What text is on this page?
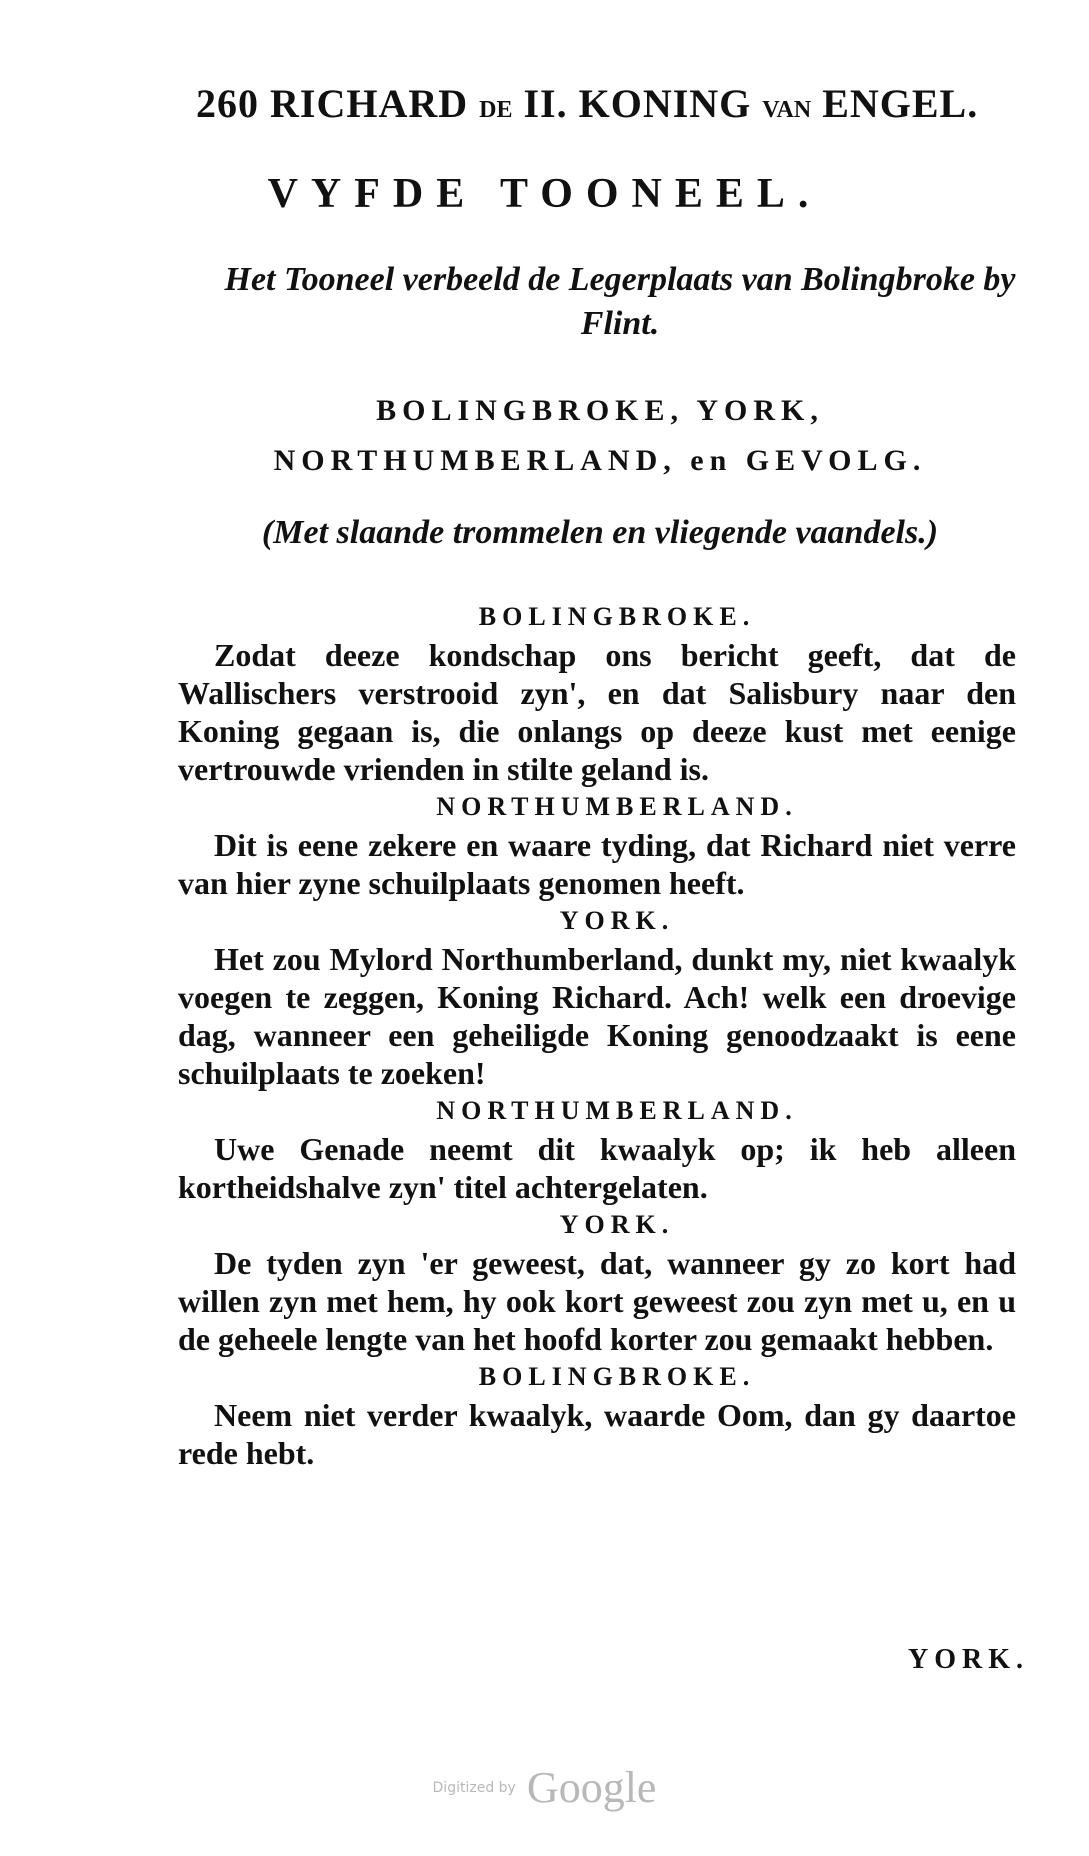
260 RICHARD DE II. KONING VAN ENGEL.
VYFDE TOONEEL.
Het Tooneel verbeeld de Legerplaats van Bolingbroke by Flint.
BOLINGBROKE, YORK, NORTHUMBERLAND, en GEVOLG.
(Met slaande trommelen en vliegende vaandels.)
BOLINGBROKE.

Zodat deeze kondschap ons bericht geeft, dat de Wallischers verstrooid zyn', en dat Salisbury naar den Koning gegaan is, die onlangs op deeze kust met eenige vertrouwde vrienden in stilte geland is.

NORTHUMBERLAND.

Dit is eene zekere en waare tyding, dat Richard niet verre van hier zyne schuilplaats genomen heeft.

YORK.

Het zou Mylord Northumberland, dunkt my, niet kwaalyk voegen te zeggen, Koning Richard. Ach! welk een droevige dag, wanneer een geheiligde Koning genoodzaakt is eene schuilplaats te zoeken!

NORTHUMBERLAND.

Uwe Genade neemt dit kwaalyk op; ik heb alleen kortheidshalve zyn' titel achtergelaten.

YORK.

De tyden zyn 'er geweest, dat, wanneer gy zo kort had willen zyn met hem, hy ook kort geweest zou zyn met u, en u de geheele lengte van het hoofd korter zou gemaakt hebben.

BOLINGBROKE.

Neem niet verder kwaalyk, waarde Oom, dan gy daartoe rede hebt.

YORK.
Digitized by Google
